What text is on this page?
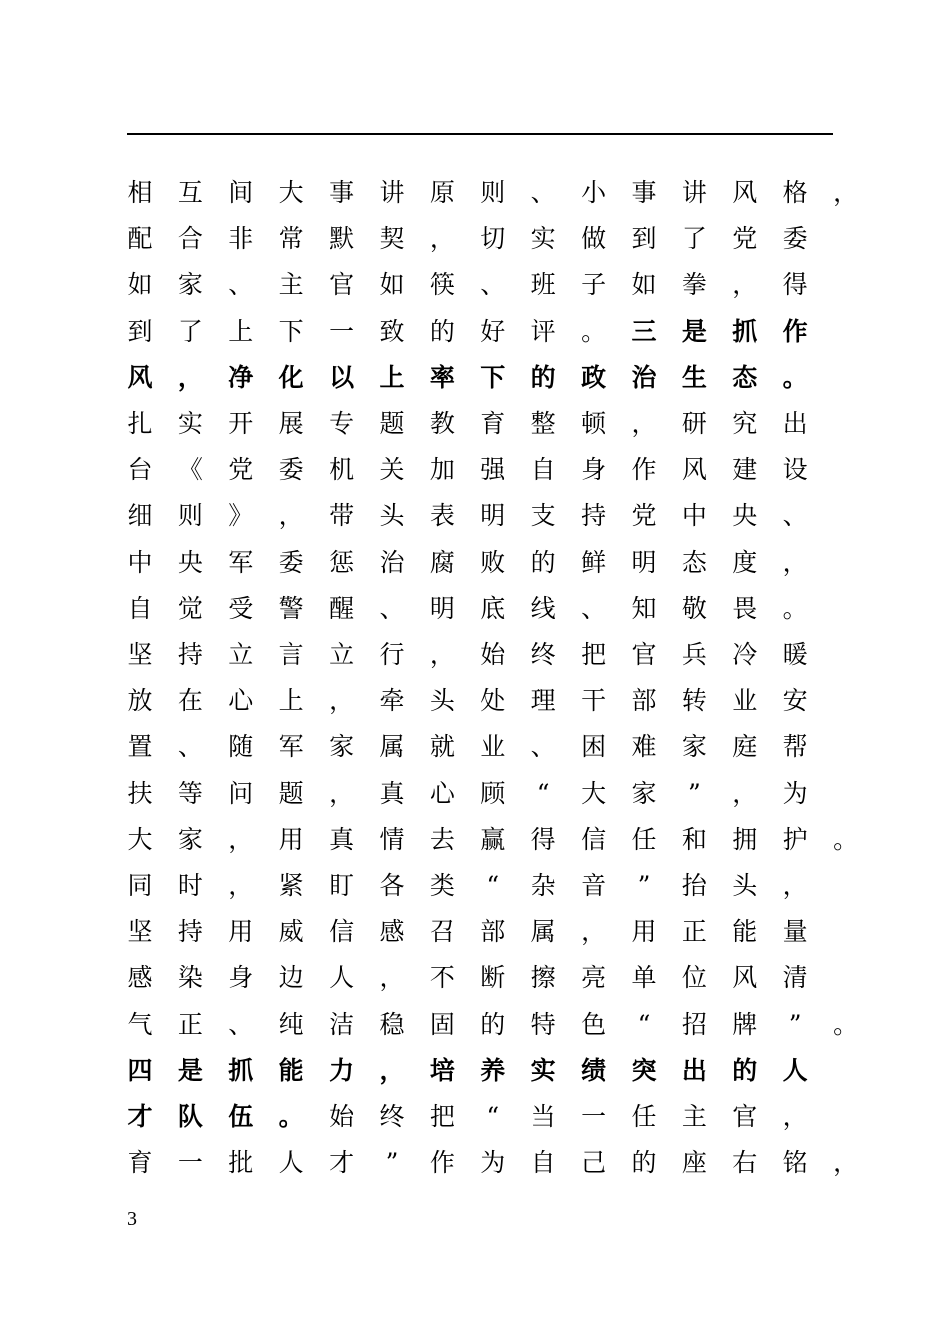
相	互	间	大	事	讲	原	则	、	小	事	讲	风	格	，
配	合	非	常	默	契	，	切	实	做	到	了	党	委
如	家	、	主	官	如	筷	、	班	子	如	拳	，	得
到	了	上	下	一	致	的	好	评	。	三	是	抓	作
风	，	净	化	以	上	率	下	的	政	治	生	态	。
扎	实	开	展	专	题	教	育	整	顿	，	研	究	出
台	《	党	委	机	关	加	强	自	身	作	风	建	设
细	则	》	，	带	头	表	明	支	持	党	中	央	、
中	央	军	委	惩	治	腐	败	的	鲜	明	态	度	，
自	觉	受	警	醒	、	明	底	线	、	知	敬	畏	。
坚	持	立	言	立	行	，	始	终	把	官	兵	冷	暖
放	在	心	上	，	牵	头	处	理	干	部	转	业	安
置	、	随	军	家	属	就	业	、	困	难	家	庭	帮
扶	等	问	题	，	真	心	顾	“	大	家	”	，	为
大	家	，	用	真	情	去	赢	得	信	任	和	拥	护	。
同	时	，	紧	盯	各	类	“	杂	音	”	抬	头	，
坚	持	用	威	信	感	召	部	属	，	用	正	能	量
感	染	身	边	人	，	不	断	擦	亮	单	位	风	清
气	正	、	纯	洁	稳	固	的	特	色	“	招	牌	”	。
四	是	抓	能	力	，	培	养	实	绩	突	出	的	人
才	队	伍	。	始	终	把	“	当	一	任	主	官	，
育	一	批	人	才	”	作	为	自	己	的	座	右	铭	，
3
